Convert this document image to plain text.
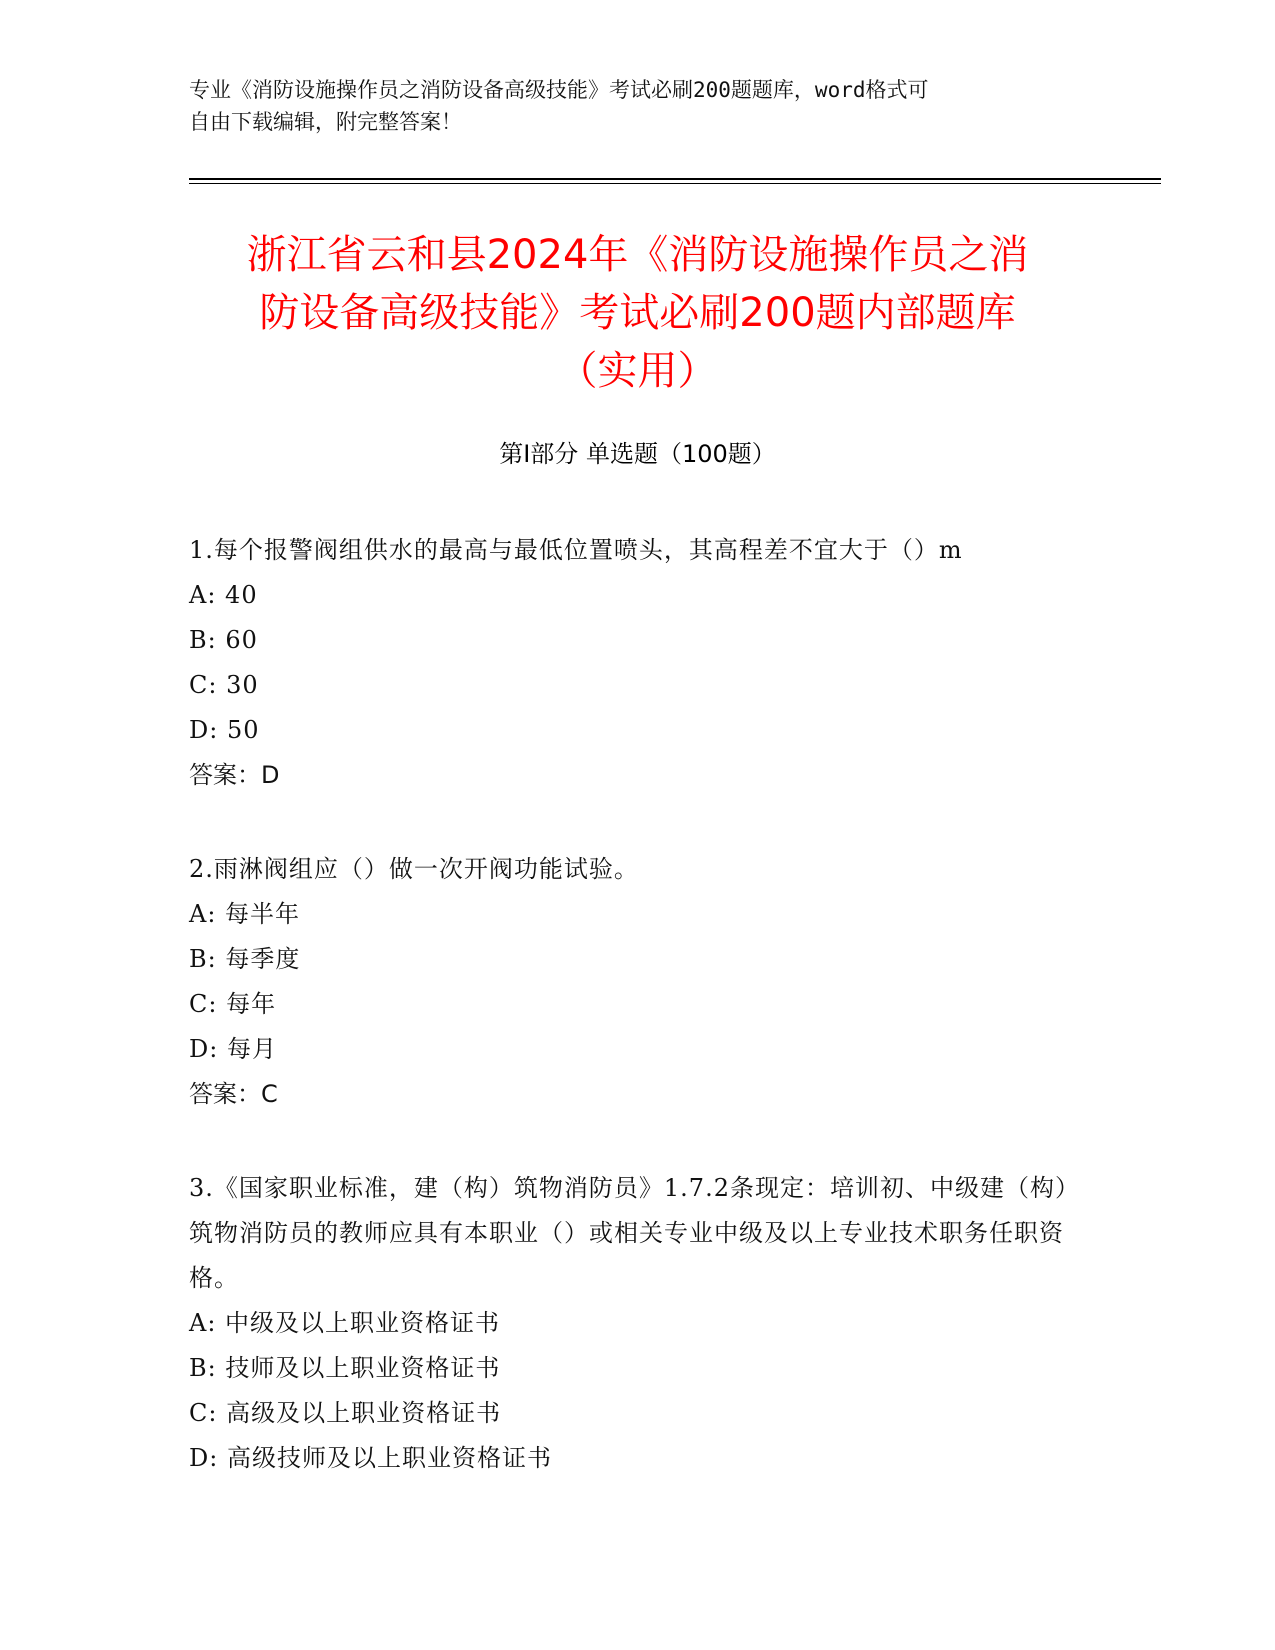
专业《消防设施操作员之消防设备高级技能》考试必刷200题题库，word格式可
自由下载编辑，附完整答案！
浙江省云和县2024年《消防设施操作员之消
防设备高级技能》考试必刷200题内部题库
（实用）
第Ⅰ部分 单选题（100题）
1.每个报警阀组供水的最高与最低位置喷头，其高程差不宜大于（）m
A: 40
B: 60
C: 30
D: 50
答案：D
2.雨淋阀组应（）做一次开阀功能试验。
A: 每半年
B: 每季度
C: 每年
D: 每月
答案：C
3.《国家职业标准，建（构）筑物消防员》1.7.2条现定：培训初、中级建（构）筑物消防员的教师应具有本职业（）或相关专业中级及以上专业技术职务任职资格。
A: 中级及以上职业资格证书
B: 技师及以上职业资格证书
C: 高级及以上职业资格证书
D: 高级技师及以上职业资格证书
